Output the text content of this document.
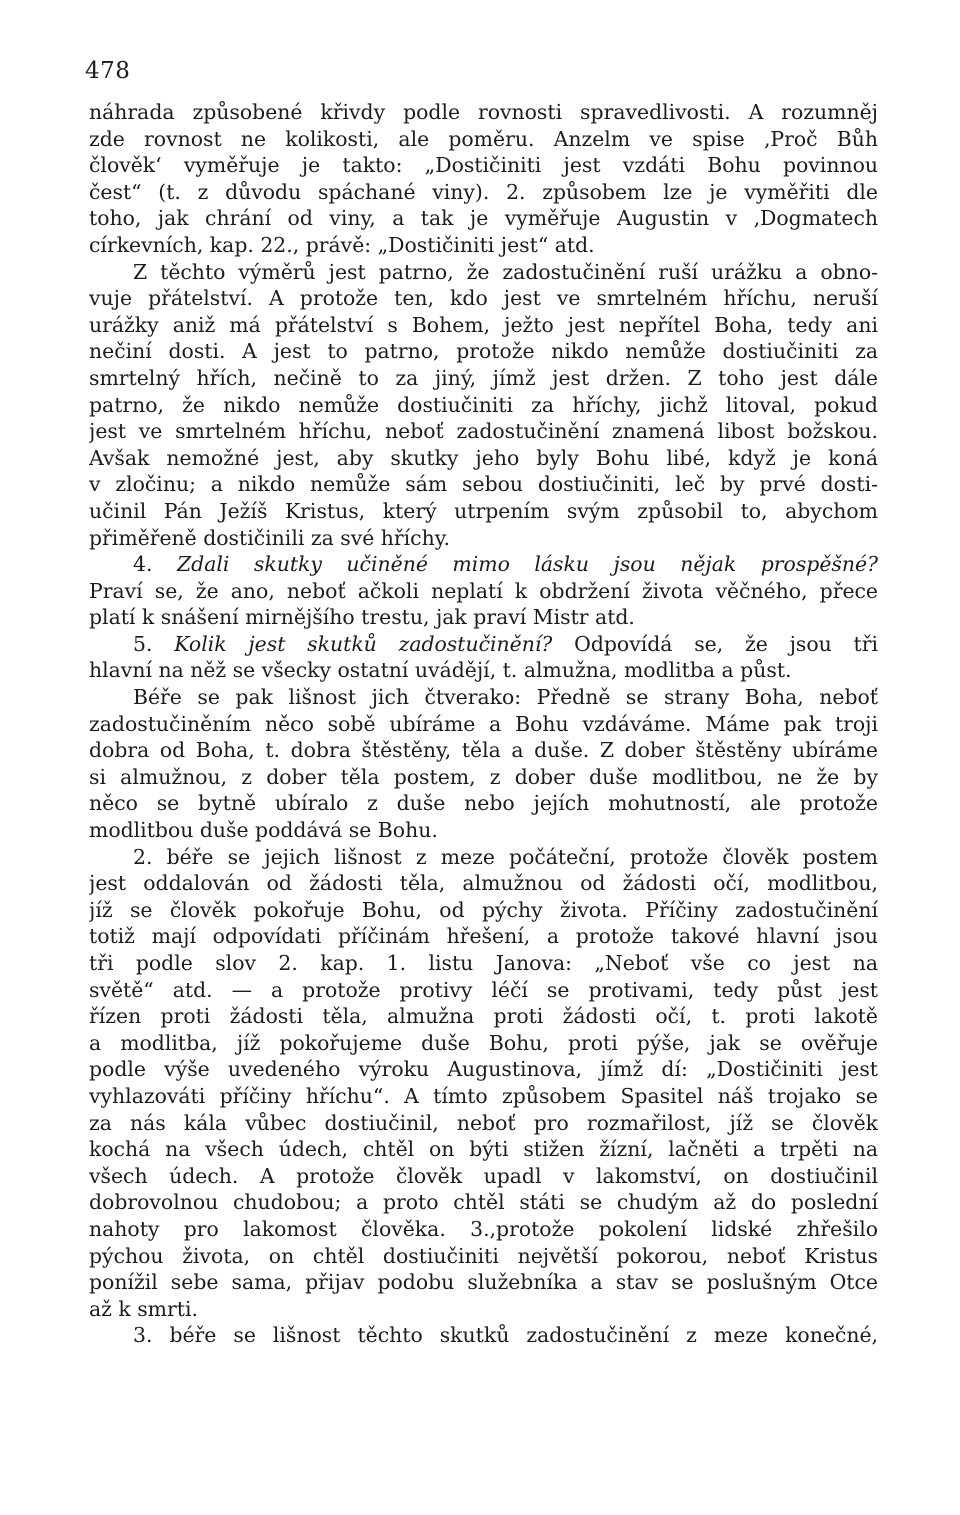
478
náhrada způsobené křivdy podle rovnosti spravedlivosti. A rozumněj
zde rovnost ne kolikosti, ale poměru. Anzelm ve spise ‚Proč Bůh
člověk‘ vyměřuje je takto: „Dostičiniti jest vzdáti Bohu povinnou
čest“ (t. z důvodu spáchané viny). 2. způsobem lze je vyměřiti dle
toho, jak chrání od viny, a tak je vyměřuje Augustin v ‚Dogmatech
církevních, kap. 22., právě: „Dostičiniti jest“ atd.
Z těchto výměrů jest patrno, že zadostučinění ruší urážku a obno-
vuje přátelství. A protože ten, kdo jest ve smrtelném hříchu, neruší
urážky aniž má přátelství s Bohem, ježto jest nepřítel Boha, tedy ani
nečiní dosti. A jest to patrno, protože nikdo nemůže dostiučiniti za
smrtelný hřích, nečině to za jiný, jímž jest držen. Z toho jest dále
patrno, že nikdo nemůže dostiučiniti za hříchy, jichž litoval, pokud
jest ve smrtelném hříchu, neboť zadostučinění znamená libost božskou.
Avšak nemožné jest, aby skutky jeho byly Bohu libé, když je koná
v zločinu; a nikdo nemůže sám sebou dostiučiniti, leč by prvé dosti-
učinil Pán Ježíš Kristus, který utrpením svým způsobil to, abychom
přiměřeně dostičinili za své hříchy.
4. Zdali skutky učiněné mimo lásku jsou nějak prospěšné?
Praví se, že ano, neboť ačkoli neplatí k obdržení života věčného, přece
platí k snášení mirnějšího trestu, jak praví Mistr atd.
5. Kolik jest skutků zadostučinění? Odpovídá se, že jsou tři
hlavní na něž se všecky ostatní uvádějí, t. almužna, modlitba a půst.
Béře se pak lišnost jich čtverako: Předně se strany Boha, neboť
zadostučiněním něco sobě ubíráme a Bohu vzdáváme. Máme pak troji
dobra od Boha, t. dobra štěstěny, těla a duše. Z dober štěstěny ubíráme
si almužnou, z dober těla postem, z dober duše modlitbou, ne že by
něco se bytně ubíralo z duše nebo jejích mohutností, ale protože
modlitbou duše poddává se Bohu.
2. béře se jejich lišnost z meze počáteční, protože člověk postem
jest oddalován od žádosti těla, almužnou od žádosti očí, modlitbou,
jíž se člověk pokořuje Bohu, od pýchy života. Příčiny zadostučinění
totiž mají odpovídati příčinám hřešení, a protože takové hlavní jsou
tři podle slov 2. kap. 1. listu Janova: „Neboť vše co jest na
světě“ atd. — a protože protivy léčí se protivami, tedy půst jest
řízen proti žádosti těla, almužna proti žádosti očí, t. proti lakotě
a modlitba, jíž pokořujeme duše Bohu, proti pýše, jak se ověřuje
podle výše uvedeného výroku Augustinova, jímž dí: „Dostičiniti jest
vyhlazováti příčiny hříchu“. A tímto způsobem Spasitel náš trojako se
za nás kála vůbec dostiučinil, neboť pro rozmařilost, jíž se člověk
kochá na všech údech, chtěl on býti stižen žízní, lačněti a trpěti na
všech údech. A protože člověk upadl v lakomství, on dostiučinil
dobrovolnou chudobou; a proto chtěl státi se chudým až do poslední
nahoty pro lakomost člověka. 3.,protože pokolení lidské zhřešilo
pýchou života, on chtěl dostiučiniti největší pokorou, neboť Kristus
ponížil sebe sama, přijav podobu služebníka a stav se poslušným Otce
až k smrti.
3. béře se lišnost těchto skutků zadostučinění z meze konečné,
